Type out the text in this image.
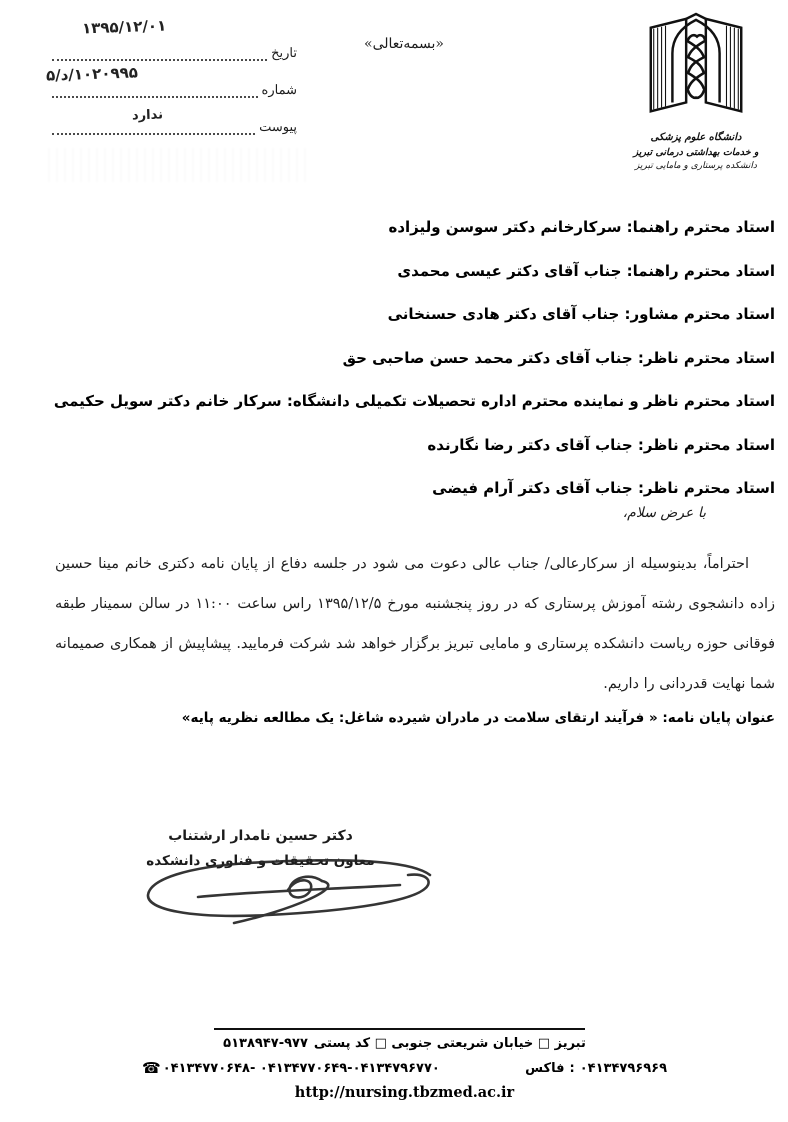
تاریخ
۱۳۹۵/۱۲/۰۱
شماره
۵/د/۱۰۲۰۹۹۵
پیوست
ندارد
«بسمه‌تعالی»
دانشگاه علوم پزشکی
و خدمات بهداشتی درمانی تبریز
دانشکده پرستاری و مامایی تبریز
استاد محترم راهنما: سرکارخانم دکتر سوسن ولیزاده
استاد محترم راهنما: جناب آقای دکتر عیسی محمدی
استاد محترم مشاور: جناب آقای دکتر هادی حسنخانی
استاد محترم ناظر: جناب آقای دکتر محمد حسن صاحبی حق
استاد محترم ناظر و نماینده محترم اداره تحصیلات تکمیلی دانشگاه: سرکار خانم دکتر سویل حکیمی
استاد محترم ناظر: جناب آقای دکتر رضا نگارنده
استاد محترم ناظر: جناب آقای دکتر آرام فیضی
با عرض سلام،

احتراماً، بدینوسیله از سرکارعالی/ جناب عالی دعوت می شود در جلسه دفاع از پایان نامه دکتری خانم مینا حسین زاده دانشجوی رشته آموزش پرستاری که در روز پنجشنبه مورخ ۱۳۹۵/۱۲/۵ راس ساعت ۱۱:۰۰ در سالن سمینار طبقه فوقانی حوزه ریاست دانشکده پرستاری و مامایی تبریز برگزار خواهد شد شرکت فرمایید. پیشاپیش از همکاری صمیمانه شما نهایت قدردانی را داریم.

عنوان پایان نامه: « فرآیند ارتقای سلامت در مادران شیرده شاغل: یک مطالعه نظریه پایه»
دکتر حسین نامدار ارشتناب
معاون تحقیقات و فناوری دانشکده
تبریز □ خیابان شریعتی جنوبی □ کد پستی
۵۱۳۸۹۴۷-۹۷۷
☎ ۰۴۱۳۴۷۷۰۶۴۸- ۰۴۱۳۴۷۷۰۶۴۹-۰۴۱۳۴۷۹۶۷۷۰	فاکس : ۰۴۱۳۴۷۹۶۹۶۹
http://nursing.tbzmed.ac.ir
